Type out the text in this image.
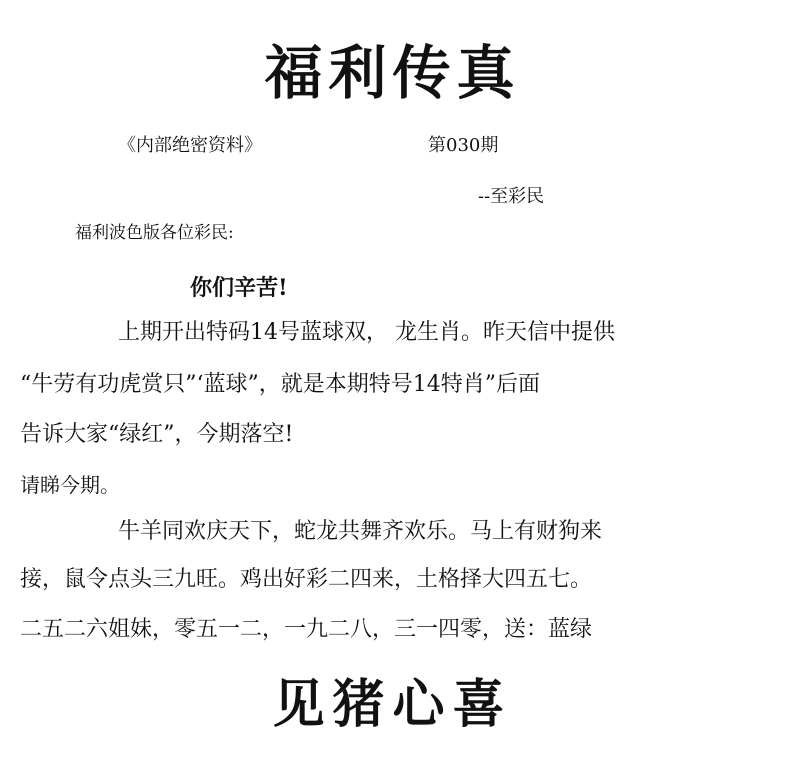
福利传真
《内部绝密资料》	第030期
--至彩民
福利波色版各位彩民:
你们辛苦!
上期开出特码14号蓝球双， 龙生肖。昨天信中提供
“牛劳有功虎赏只”‘蓝球”，就是本期特号14特肖”后面
告诉大家“绿红”，今期落空!
请睇今期。
牛羊同欢庆天下，蛇龙共舞齐欢乐。马上有财狗来
接，鼠令点头三九旺。鸡出好彩二四来，土格择大四五七。
二五二六姐妹，零五一二，一九二八，三一四零，送：蓝绿
见猪心喜
